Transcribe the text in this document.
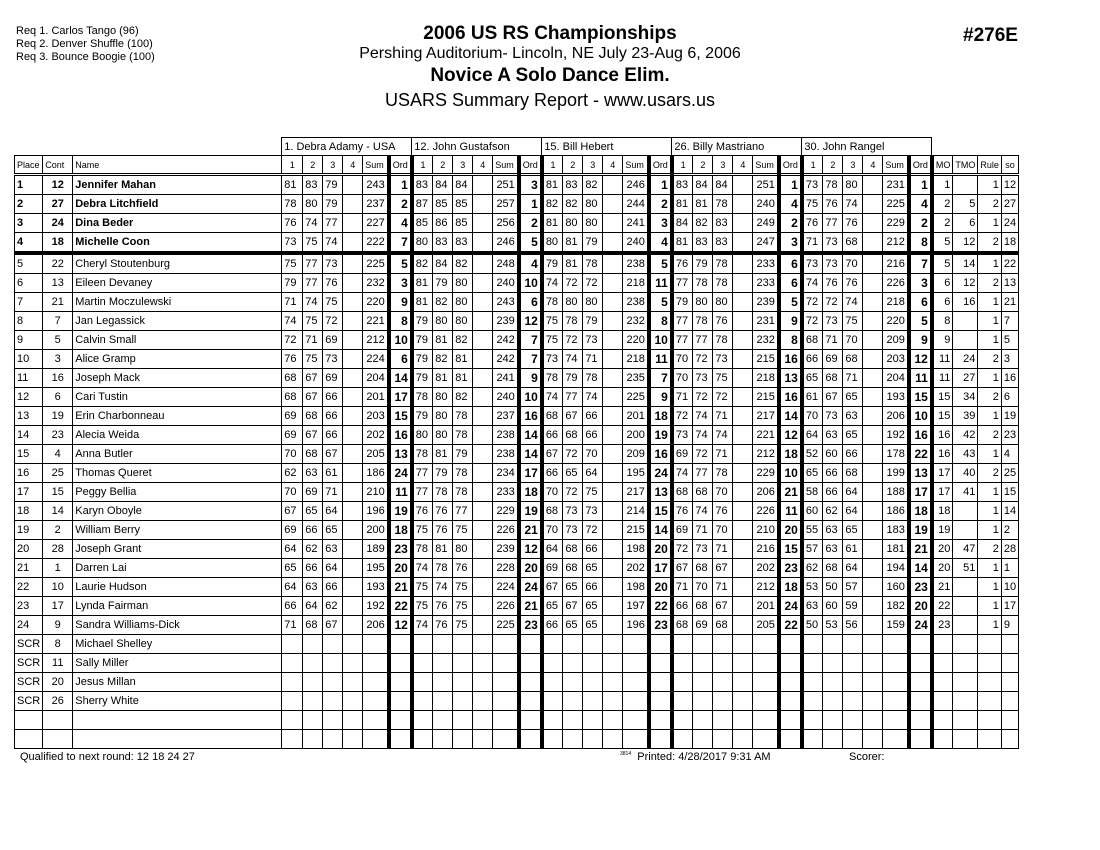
Req 1. Carlos Tango (96)
Req 2. Denver Shuffle (100)
Req 3. Bounce Boogie (100)
2006 US RS Championships
Pershing Auditorium- Lincoln, NE July 23-Aug 6, 2006
Novice A Solo Dance Elim.
USARS Summary Report - www.usars.us
#276E
			1. Debra Adamy - USA						12. John Gustafson						15. Bill Hebert						26. Billy Mastriano						30. John Rangel									
Place	Cont	Name	1	2	3	4	Sum	Ord	1	2	3	4	Sum	Ord	1	2	3	4	Sum	Ord	1	2	3	4	Sum	Ord	1	2	3	4	Sum	Ord	MO	TMO	Rule	so
1	12	Jennifer Mahan	81	83	79		243	1	83	84	84		251	3	81	83	82		246	1	83	84	84		251	1	73	78	80		231	1	1		1	12
2	27	Debra Litchfield	78	80	79		237	2	87	85	85		257	1	82	82	80		244	2	81	81	78		240	4	75	76	74		225	4	2	5	2	27
3	24	Dina Beder	76	74	77		227	4	85	86	85		256	2	81	80	80		241	3	84	82	83		249	2	76	77	76		229	2	2	6	1	24
4	18	Michelle Coon	73	75	74		222	7	80	83	83		246	5	80	81	79		240	4	81	83	83		247	3	71	73	68		212	8	5	12	2	18
5	22	Cheryl Stoutenburg	75	77	73		225	5	82	84	82		248	4	79	81	78		238	5	76	79	78		233	6	73	73	70		216	7	5	14	1	22
6	13	Eileen Devaney	79	77	76		232	3	81	79	80		240	10	74	72	72		218	11	77	78	78		233	6	74	76	76		226	3	6	12	2	13
7	21	Martin Moczulewski	71	74	75		220	9	81	82	80		243	6	78	80	80		238	5	79	80	80		239	5	72	72	74		218	6	6	16	1	21
8	7	Jan Legassick	74	75	72		221	8	79	80	80		239	12	75	78	79		232	8	77	78	76		231	9	72	73	75		220	5	8		1	7
9	5	Calvin Small	72	71	69		212	10	79	81	82		242	7	75	72	73		220	10	77	77	78		232	8	68	71	70		209	9	9		1	5
10	3	Alice Gramp	76	75	73		224	6	79	82	81		242	7	73	74	71		218	11	70	72	73		215	16	66	69	68		203	12	11	24	2	3
11	16	Joseph Mack	68	67	69		204	14	79	81	81		241	9	78	79	78		235	7	70	73	75		218	13	65	68	71		204	11	11	27	1	16
12	6	Cari Tustin	68	67	66		201	17	78	80	82		240	10	74	77	74		225	9	71	72	72		215	16	61	67	65		193	15	15	34	2	6
13	19	Erin Charbonneau	69	68	66		203	15	79	80	78		237	16	68	67	66		201	18	72	74	71		217	14	70	73	63		206	10	15	39	1	19
14	23	Alecia Weida	69	67	66		202	16	80	80	78		238	14	66	68	66		200	19	73	74	74		221	12	64	63	65		192	16	16	42	2	23
15	4	Anna Butler	70	68	67		205	13	78	81	79		238	14	67	72	70		209	16	69	72	71		212	18	52	60	66		178	22	16	43	1	4
16	25	Thomas Queret	62	63	61		186	24	77	79	78		234	17	66	65	64		195	24	74	77	78		229	10	65	66	68		199	13	17	40	2	25
17	15	Peggy Bellia	70	69	71		210	11	77	78	78		233	18	70	72	75		217	13	68	68	70		206	21	58	66	64		188	17	17	41	1	15
18	14	Karyn Oboyle	67	65	64		196	19	76	76	77		229	19	68	73	73		214	15	76	74	76		226	11	60	62	64		186	18	18		1	14
19	2	William Berry	69	66	65		200	18	75	76	75		226	21	70	73	72		215	14	69	71	70		210	20	55	63	65		183	19	19		1	2
20	28	Joseph Grant	64	62	63		189	23	78	81	80		239	12	64	68	66		198	20	72	73	71		216	15	57	63	61		181	21	20	47	2	28
21	1	Darren Lai	65	66	64		195	20	74	78	76		228	20	69	68	65		202	17	67	68	67		202	23	62	68	64		194	14	20	51	1	1
22	10	Laurie Hudson	64	63	66		193	21	75	74	75		224	24	67	65	66		198	20	71	70	71		212	18	53	50	57		160	23	21		1	10
23	17	Lynda Fairman	66	64	62		192	22	75	76	75		226	21	65	67	65		197	22	66	68	67		201	24	63	60	59		182	20	22		1	17
24	9	Sandra Williams-Dick	71	68	67		206	12	74	76	75		225	23	66	65	65		196	23	68	69	68		205	22	50	53	56		159	24	23		1	9
SCR	8	Michael Shelley																																		
SCR	11	Sally Miller																																		
SCR	20	Jesus Millan																																		
SCR	26	Sherry White																																		

Qualified to next round: 12 18 24 27	$^{3814}$ Printed: 4/28/2017 9:31 AM	Scorer:
